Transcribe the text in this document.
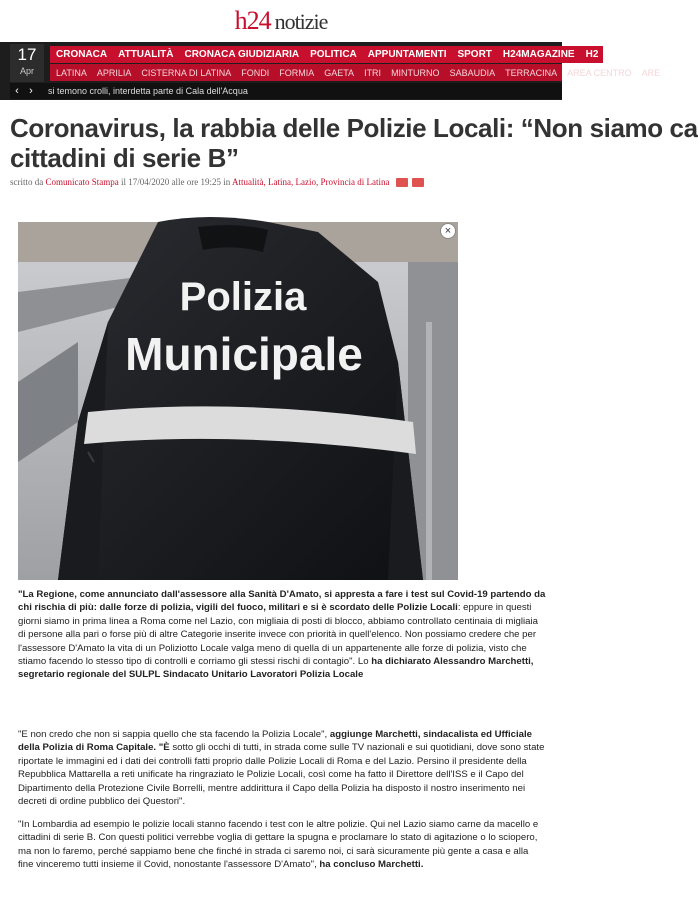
h24 notizie
17
Apr
CRONACA	ATTUALITÀ	CRONACA GIUDIZIARIA	POLITICA	APPUNTAMENTI	SPORT	H24MAGAZINE	H2
LATINA	APRILIA	CISTERNA DI LATINA	FONDI	FORMIA	GAETA	ITRI	MINTURNO	SABAUDIA	TERRACINA	AREA CENTRO	ARE
‹ ›	si temono crolli, interdetta parte di Cala dell'Acqua
Coronavirus, la rabbia delle Polizie Locali: “Non siamo ca
cittadini di serie B”
scritto da Comunicato Stampa il 17/04/2020 alle ore 19:25 in Attualità, Latina, Lazio, Provincia di Latina
Polizia
Municipale
×

"La Regione, come annunciato dall'assessore alla Sanità D'Amato, si appresta a fare i test sul Covid-19 partendo da chi rischia di più: dalle forze di polizia, vigili del fuoco, militari e si è scordato delle Polizie Locali: eppure in questi giorni siamo in prima linea a Roma come nel Lazio, con migliaia di posti di blocco, abbiamo controllato centinaia di migliaia di persone alla pari o forse più di altre Categorie inserite invece con priorità in quell'elenco. Non possiamo credere che per l'assessore D'Amato la vita di un Poliziotto Locale valga meno di quella di un appartenente alle forze di polizia, visto che stiamo facendo lo stesso tipo di controlli e corriamo gli stessi rischi di contagio". Lo ha dichiarato Alessandro Marchetti, segretario regionale del SULPL Sindacato Unitario Lavoratori Polizia Locale

"E non credo che non si sappia quello che sta facendo la Polizia Locale", aggiunge Marchetti, sindacalista ed Ufficiale della Polizia di Roma Capitale. "È sotto gli occhi di tutti, in strada come sulle TV nazionali e sui quotidiani, dove sono state riportate le immagini ed i dati dei controlli fatti proprio dalle Polizie Locali di Roma e del Lazio. Persino il presidente della Repubblica Mattarella a reti unificate ha ringraziato le Polizie Locali, così come ha fatto il Direttore dell'ISS e il Capo del Dipartimento della Protezione Civile Borrelli, mentre addirittura il Capo della Polizia ha disposto il nostro inserimento nei decreti di ordine pubblico dei Questori".

"In Lombardia ad esempio le polizie locali stanno facendo i test con le altre polizie. Qui nel Lazio siamo carne da macello e cittadini di serie B. Con questi politici verrebbe voglia di gettare la spugna e proclamare lo stato di agitazione o lo sciopero, ma non lo faremo, perché sappiamo bene che finché in strada ci saremo noi, ci sarà sicuramente più gente a casa e alla fine vinceremo tutti insieme il Covid, nonostante l'assessore D'Amato", ha concluso Marchetti.
